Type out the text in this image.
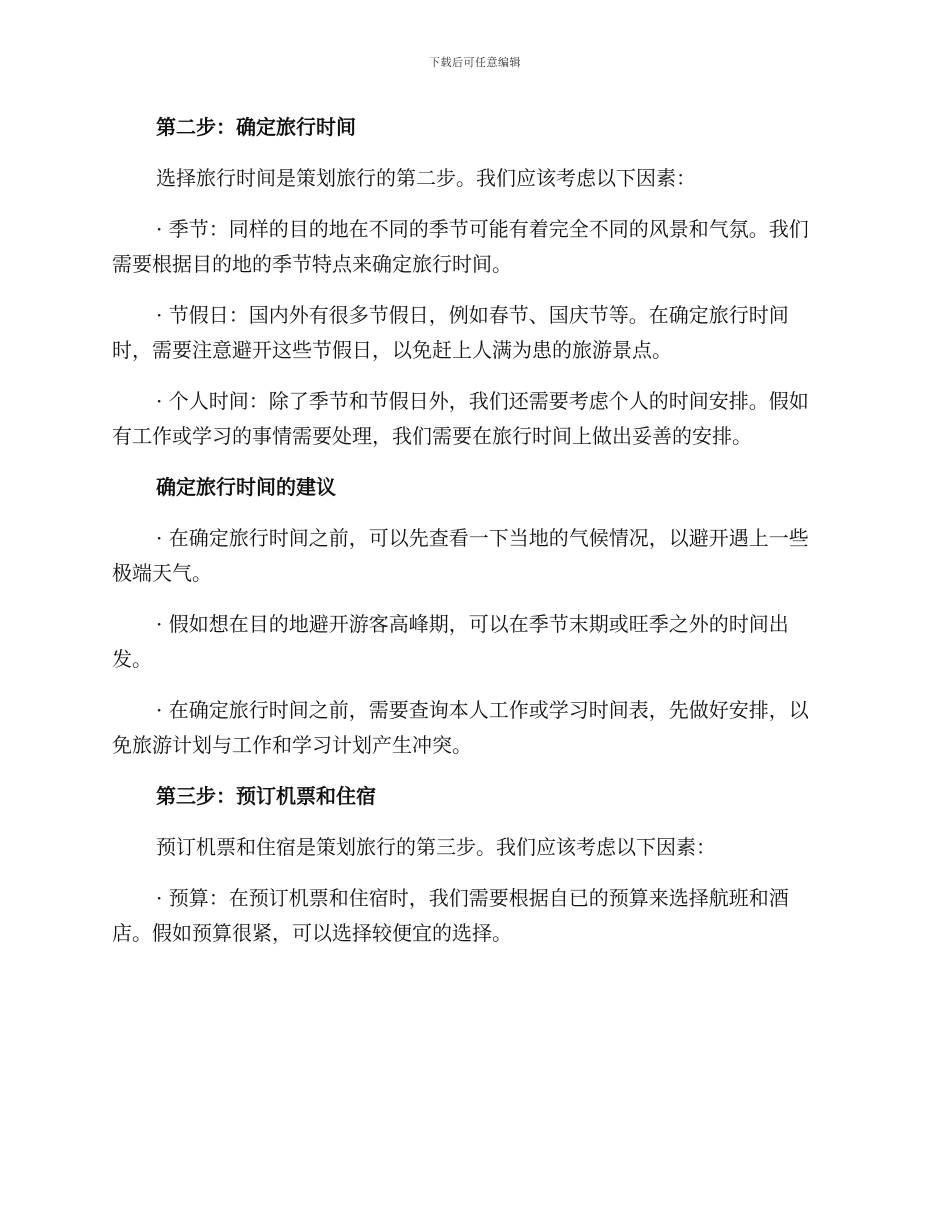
下载后可任意编辑
第二步：确定旅行时间
选择旅行时间是策划旅行的第二步。我们应该考虑以下因素：
· 季节：同样的目的地在不同的季节可能有着完全不同的风景和气氛。我们需要根据目的地的季节特点来确定旅行时间。
· 节假日：国内外有很多节假日，例如春节、国庆节等。在确定旅行时间时，需要注意避开这些节假日，以免赶上人满为患的旅游景点。
· 个人时间：除了季节和节假日外，我们还需要考虑个人的时间安排。假如有工作或学习的事情需要处理，我们需要在旅行时间上做出妥善的安排。
确定旅行时间的建议
· 在确定旅行时间之前，可以先查看一下当地的气候情况，以避开遇上一些极端天气。
· 假如想在目的地避开游客高峰期，可以在季节末期或旺季之外的时间出发。
· 在确定旅行时间之前，需要查询本人工作或学习时间表，先做好安排，以免旅游计划与工作和学习计划产生冲突。
第三步：预订机票和住宿
预订机票和住宿是策划旅行的第三步。我们应该考虑以下因素：
· 预算：在预订机票和住宿时，我们需要根据自已的预算来选择航班和酒店。假如预算很紧，可以选择较便宜的选择。
